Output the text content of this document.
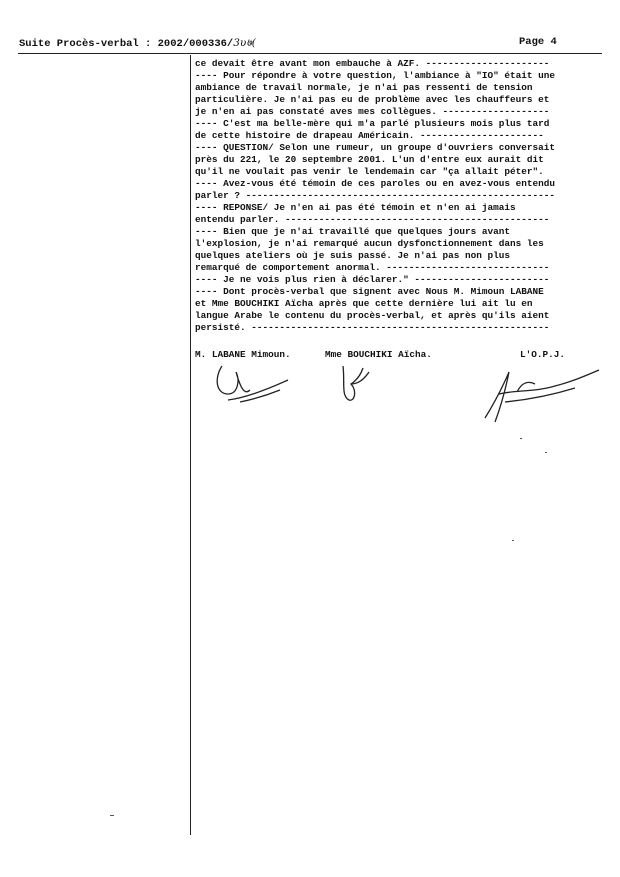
Suite Procès-verbal : 2002/000336/3υ७(	Page 4
ce devait être avant mon embauche à AZF. ----------------------
---- Pour répondre à votre question, l'ambiance à "IO" était une
ambiance de travail normale, je n'ai pas ressenti de tension
particulière. Je n'ai pas eu de problème avec les chauffeurs et
je n'en ai pas constaté aves mes collègues. -------------------
---- C'est ma belle-mère qui m'a parlé plusieurs mois plus tard
de cette histoire de drapeau Américain. ----------------------
---- QUESTION/ Selon une rumeur, un groupe d'ouvriers conversait
près du 221, le 20 septembre 2001. L'un d'entre eux aurait dit
qu'il ne voulait pas venir le lendemain car "ça allait péter".
---- Avez-vous été témoin de ces paroles ou en avez-vous entendu
parler ? -------------------------------------------------------
---- REPONSE/ Je n'en ai pas été témoin et n'en ai jamais
entendu parler. -----------------------------------------------
---- Bien que je n'ai travaillé que quelques jours avant
l'explosion, je n'ai remarqué aucun dysfonctionnement dans les
quelques ateliers où je suis passé. Je n'ai pas non plus
remarqué de comportement anormal. -----------------------------
---- Je ne vois plus rien à déclarer." ------------------------
---- Dont procès-verbal que signent avec Nous M. Mimoun LABANE
et Mme BOUCHIKI Aïcha après que cette dernière lui ait lu en
langue Arabe le contenu du procès-verbal, et après qu'ils aient
persisté. -----------------------------------------------------

M. LABANE Mimoun.

	Mme BOUCHIKI Aïcha.

	L'O.P.J.
